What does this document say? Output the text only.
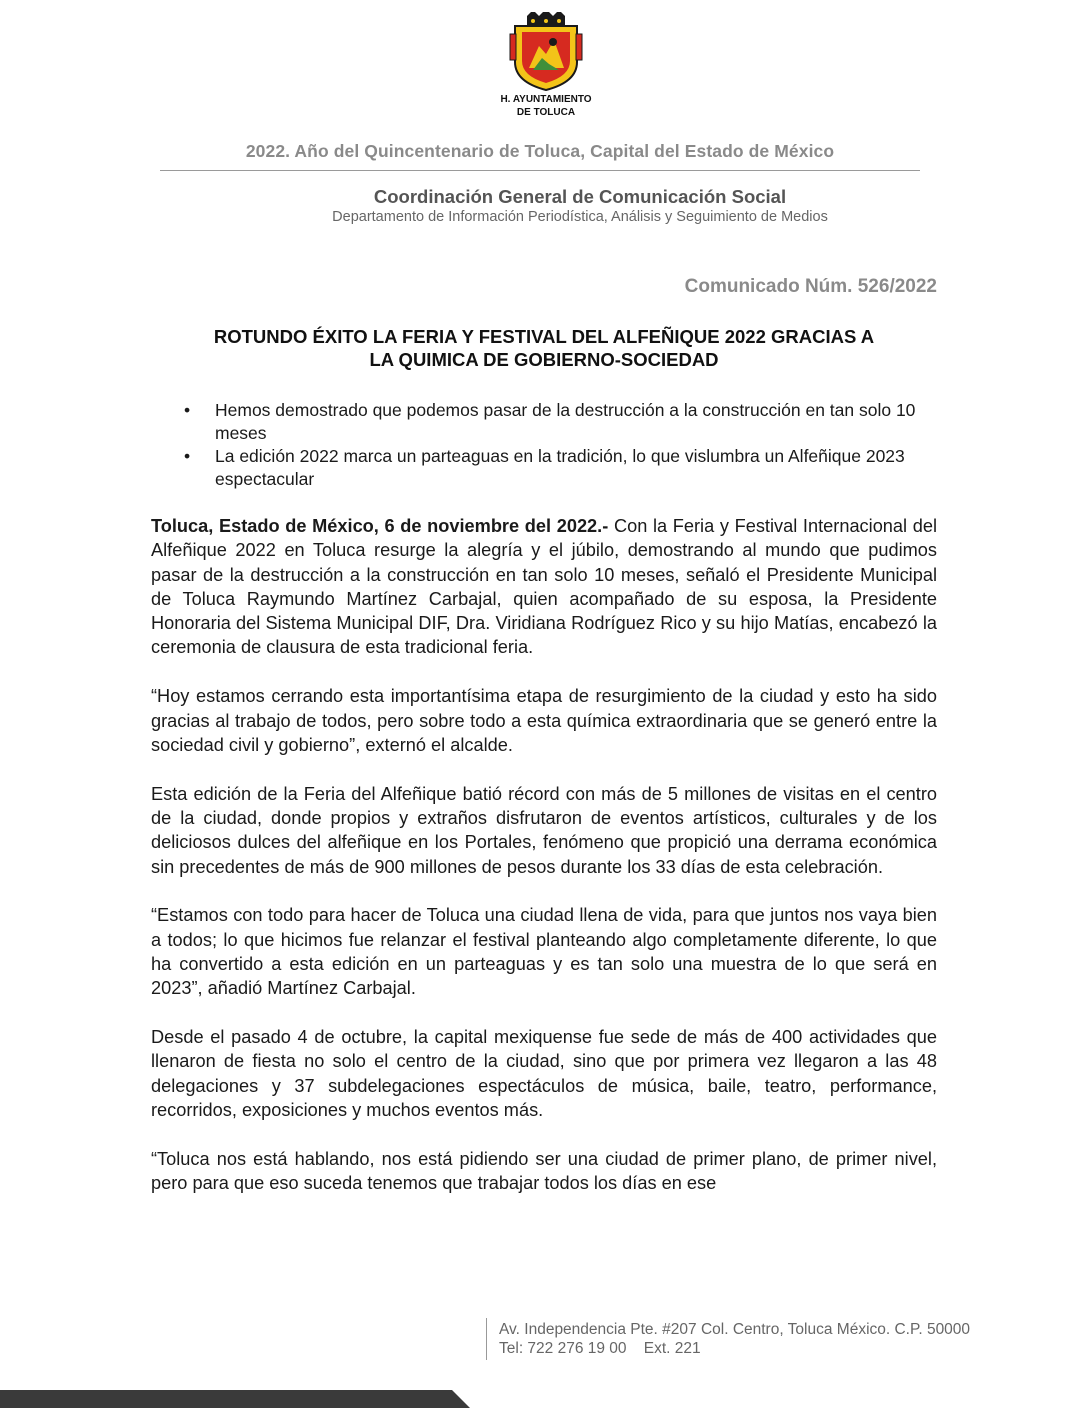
H. AYUNTAMIENTO
DE TOLUCA
2022. Año del Quincentenario de Toluca, Capital del Estado de México
Coordinación General de Comunicación Social
Departamento de Información Periodística, Análisis y Seguimiento de Medios
Comunicado Núm. 526/2022
ROTUNDO ÉXITO LA FERIA Y FESTIVAL DEL ALFEÑIQUE 2022 GRACIAS A
LA QUIMICA DE GOBIERNO-SOCIEDAD
• Hemos demostrado que podemos pasar de la destrucción a la construcción en tan solo 10 meses
• La edición 2022 marca un parteaguas en la tradición, lo que vislumbra un Alfeñique 2023 espectacular

Toluca, Estado de México, 6 de noviembre del 2022.- Con la Feria y Festival Internacional del Alfeñique 2022 en Toluca resurge la alegría y el júbilo, demostrando al mundo que pudimos pasar de la destrucción a la construcción en tan solo 10 meses, señaló el Presidente Municipal de Toluca Raymundo Martínez Carbajal, quien acompañado de su esposa, la Presidente Honoraria del Sistema Municipal DIF, Dra. Viridiana Rodríguez Rico y su hijo Matías, encabezó la ceremonia de clausura de esta tradicional feria.

“Hoy estamos cerrando esta importantísima etapa de resurgimiento de la ciudad y esto ha sido gracias al trabajo de todos, pero sobre todo a esta química extraordinaria que se generó entre la sociedad civil y gobierno”, externó el alcalde.

Esta edición de la Feria del Alfeñique batió récord con más de 5 millones de visitas en el centro de la ciudad, donde propios y extraños disfrutaron de eventos artísticos, culturales y de los deliciosos dulces del alfeñique en los Portales, fenómeno que propició una derrama económica sin precedentes de más de 900 millones de pesos durante los 33 días de esta celebración.

“Estamos con todo para hacer de Toluca una ciudad llena de vida, para que juntos nos vaya bien a todos; lo que hicimos fue relanzar el festival planteando algo completamente diferente, lo que ha convertido a esta edición en un parteaguas y es tan solo una muestra de lo que será en 2023”, añadió Martínez Carbajal.

Desde el pasado 4 de octubre, la capital mexiquense fue sede de más de 400 actividades que llenaron de fiesta no solo el centro de la ciudad, sino que por primera vez llegaron a las 48 delegaciones y 37 subdelegaciones espectáculos de música, baile, teatro, performance, recorridos, exposiciones y muchos eventos más.

“Toluca nos está hablando, nos está pidiendo ser una ciudad de primer plano, de primer nivel, pero para que eso suceda tenemos que trabajar todos los días en ese

Av. Independencia Pte. #207 Col. Centro, Toluca México. C.P. 50000
Tel: 722 276 19 00    Ext. 221
